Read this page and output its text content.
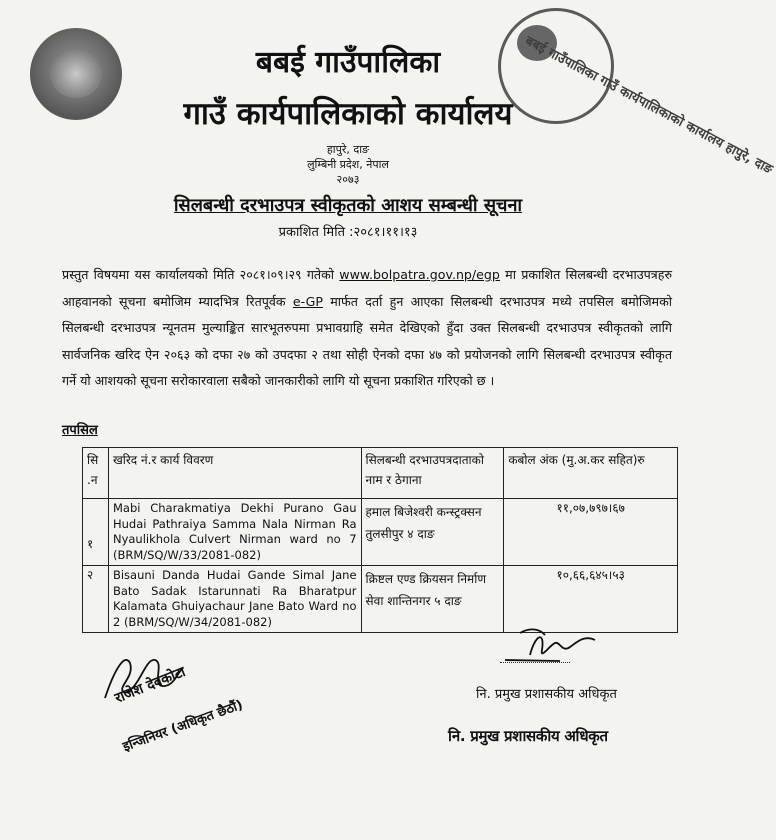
बबई गाउँपालिका गाउँ कार्यपालिकाको कार्यालय हापुरे, दाङ
बबई गाउँपालिका
गाउँ कार्यपालिकाको कार्यालय
हापुरे, दाङ
लुम्बिनी प्रदेश, नेपाल
२०७३
सिलबन्धी दरभाउपत्र स्वीकृतको आशय सम्बन्धी सूचना
प्रकाशित मिति :२०८१।११।१३
प्रस्तुत विषयमा यस कार्यालयको मिति २०८१।०९।२९ गतेको www.bolpatra.gov.np/egp मा प्रकाशित सिलबन्धी दरभाउपत्रहरु आहवानको सूचना बमोजिम म्यादभित्र रितपूर्वक e-GP मार्फत दर्ता हुन आएका सिलबन्धी दरभाउपत्र मध्ये तपसिल बमोजिमको सिलबन्धी दरभाउपत्र न्यूनतम मुल्याङ्कित सारभूतरुपमा प्रभावग्राहि समेत देखिएको हुँदा उक्त सिलबन्धी दरभाउपत्र स्वीकृतको लागि सार्वजनिक खरिद ऐन २०६३ को दफा २७ को उपदफा २ तथा सोही ऐनको दफा ४७ को प्रयोजनको लागि सिलबन्धी दरभाउपत्र स्वीकृत गर्ने यो आशयको सूचना सरोकारवाला सबैको जानकारीको लागि यो सूचना प्रकाशित गरिएको छ ।
तपसिल
सि .न	खरिद नं.र कार्य विवरण	सिलबन्धी दरभाउपत्रदाताको नाम र ठेगाना	कबोल अंक (मु.अ.कर सहित)रु
१	Mabi Charakmatiya Dekhi Purano Gau Hudai Pathraiya Samma Nala Nirman Ra Nyaulikhola Culvert Nirman ward no 7 (BRM/SQ/W/33/2081-082)	हमाल बिजेश्वरी कन्स्ट्रक्सन तुलसीपुर ४ दाङ	११,०७,७९७।६७
२	Bisauni Danda Hudai Gande Simal Jane Bato Sadak Istarunnati Ra Bharatpur Kalamata Ghuiyachaur Jane Bato Ward no 2 (BRM/SQ/W/34/2081-082)	क्रिष्टल एण्ड क्रियसन निर्माण सेवा शान्तिनगर ५ दाङ	१०,६६,६४५।५३
राजेश देवकोटा
इन्जिनियर (अधिकृत छैठौं)
नि. प्रमुख प्रशासकीय अधिकृत
नि. प्रमुख प्रशासकीय अधिकृत
